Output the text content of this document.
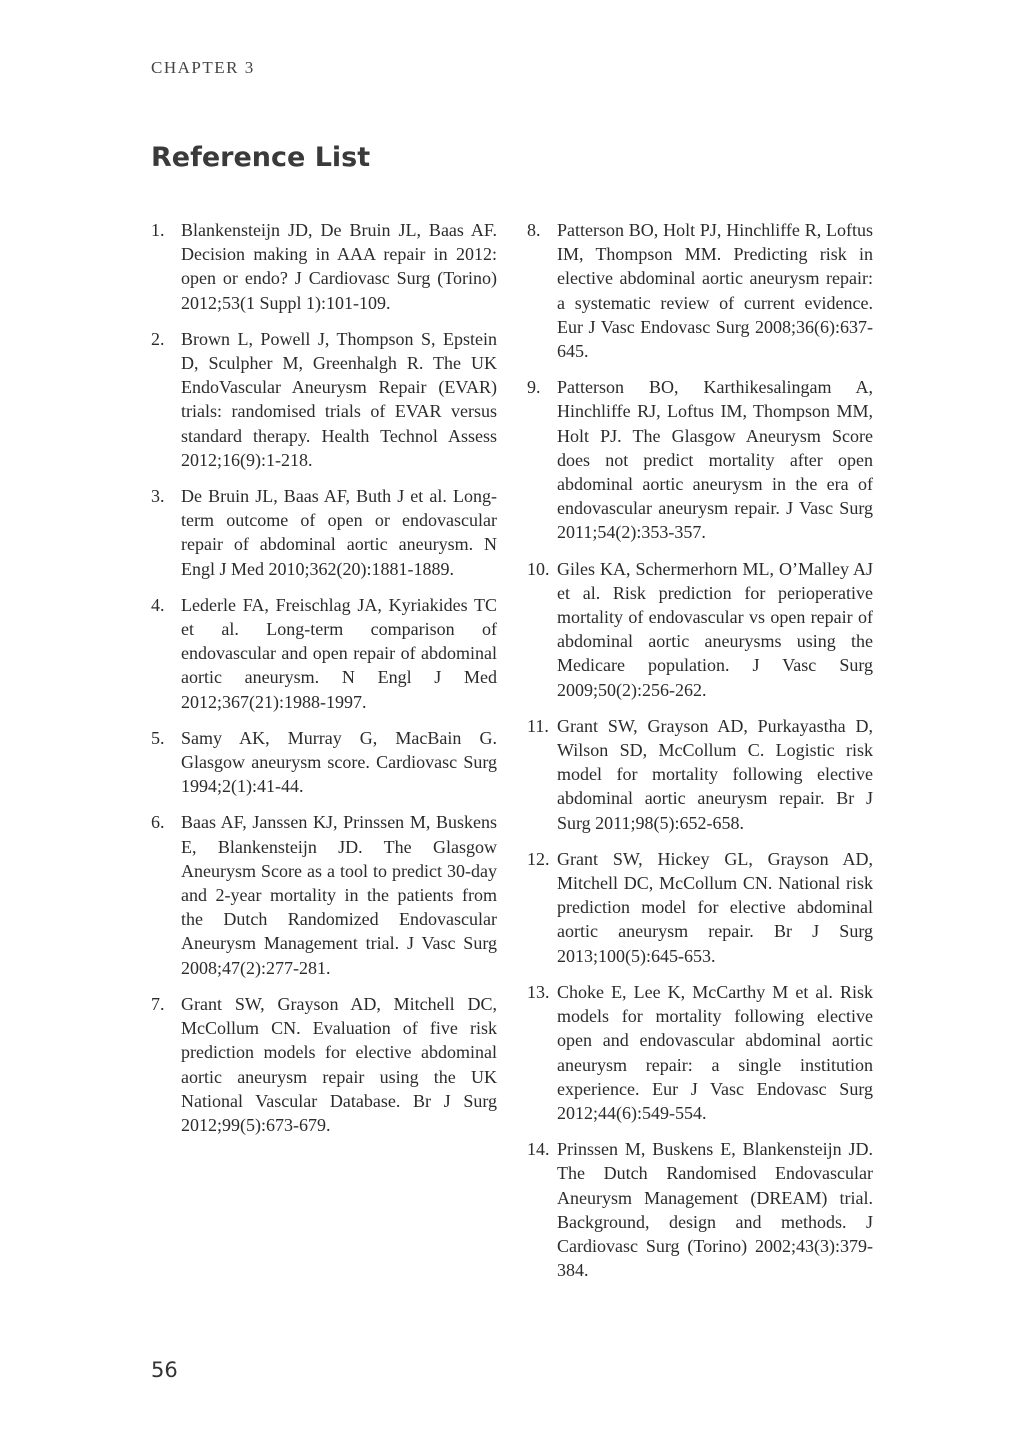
CHAPTER 3
Reference List
1. Blankensteijn JD, De Bruin JL, Baas AF. Decision making in AAA repair in 2012: open or endo? J Cardiovasc Surg (Torino) 2012;53(1 Suppl 1):101-109.
2. Brown L, Powell J, Thompson S, Epstein D, Sculpher M, Greenhalgh R. The UK EndoVascular Aneurysm Repair (EVAR) trials: randomised trials of EVAR versus standard therapy. Health Technol Assess 2012;16(9):1-218.
3. De Bruin JL, Baas AF, Buth J et al. Long-term outcome of open or endovascular repair of abdominal aortic aneurysm. N Engl J Med 2010;362(20):1881-1889.
4. Lederle FA, Freischlag JA, Kyriakides TC et al. Long-term comparison of endovascular and open repair of abdominal aortic aneurysm. N Engl J Med 2012;367(21):1988-1997.
5. Samy AK, Murray G, MacBain G. Glasgow aneurysm score. Cardiovasc Surg 1994;2(1):41-44.
6. Baas AF, Janssen KJ, Prinssen M, Buskens E, Blankensteijn JD. The Glasgow Aneurysm Score as a tool to predict 30-day and 2-year mortality in the patients from the Dutch Randomized Endovascular Aneurysm Management trial. J Vasc Surg 2008;47(2):277-281.
7. Grant SW, Grayson AD, Mitchell DC, McCollum CN. Evaluation of five risk prediction models for elective abdominal aortic aneurysm repair using the UK National Vascular Database. Br J Surg 2012;99(5):673-679.
8. Patterson BO, Holt PJ, Hinchliffe R, Loftus IM, Thompson MM. Predicting risk in elective abdominal aortic aneurysm repair: a systematic review of current evidence. Eur J Vasc Endovasc Surg 2008;36(6):637-645.
9. Patterson BO, Karthikesalingam A, Hinchliffe RJ, Loftus IM, Thompson MM, Holt PJ. The Glasgow Aneurysm Score does not predict mortality after open abdominal aortic aneurysm in the era of endovascular aneurysm repair. J Vasc Surg 2011;54(2):353-357.
10. Giles KA, Schermerhorn ML, O’Malley AJ et al. Risk prediction for perioperative mortality of endovascular vs open repair of abdominal aortic aneurysms using the Medicare population. J Vasc Surg 2009;50(2):256-262.
11. Grant SW, Grayson AD, Purkayastha D, Wilson SD, McCollum C. Logistic risk model for mortality following elective abdominal aortic aneurysm repair. Br J Surg 2011;98(5):652-658.
12. Grant SW, Hickey GL, Grayson AD, Mitchell DC, McCollum CN. National risk prediction model for elective abdominal aortic aneurysm repair. Br J Surg 2013;100(5):645-653.
13. Choke E, Lee K, McCarthy M et al. Risk models for mortality following elective open and endovascular abdominal aortic aneurysm repair: a single institution experience. Eur J Vasc Endovasc Surg 2012;44(6):549-554.
14. Prinssen M, Buskens E, Blankensteijn JD. The Dutch Randomised Endovascular Aneurysm Management (DREAM) trial. Background, design and methods. J Cardiovasc Surg (Torino) 2002;43(3):379-384.
56
